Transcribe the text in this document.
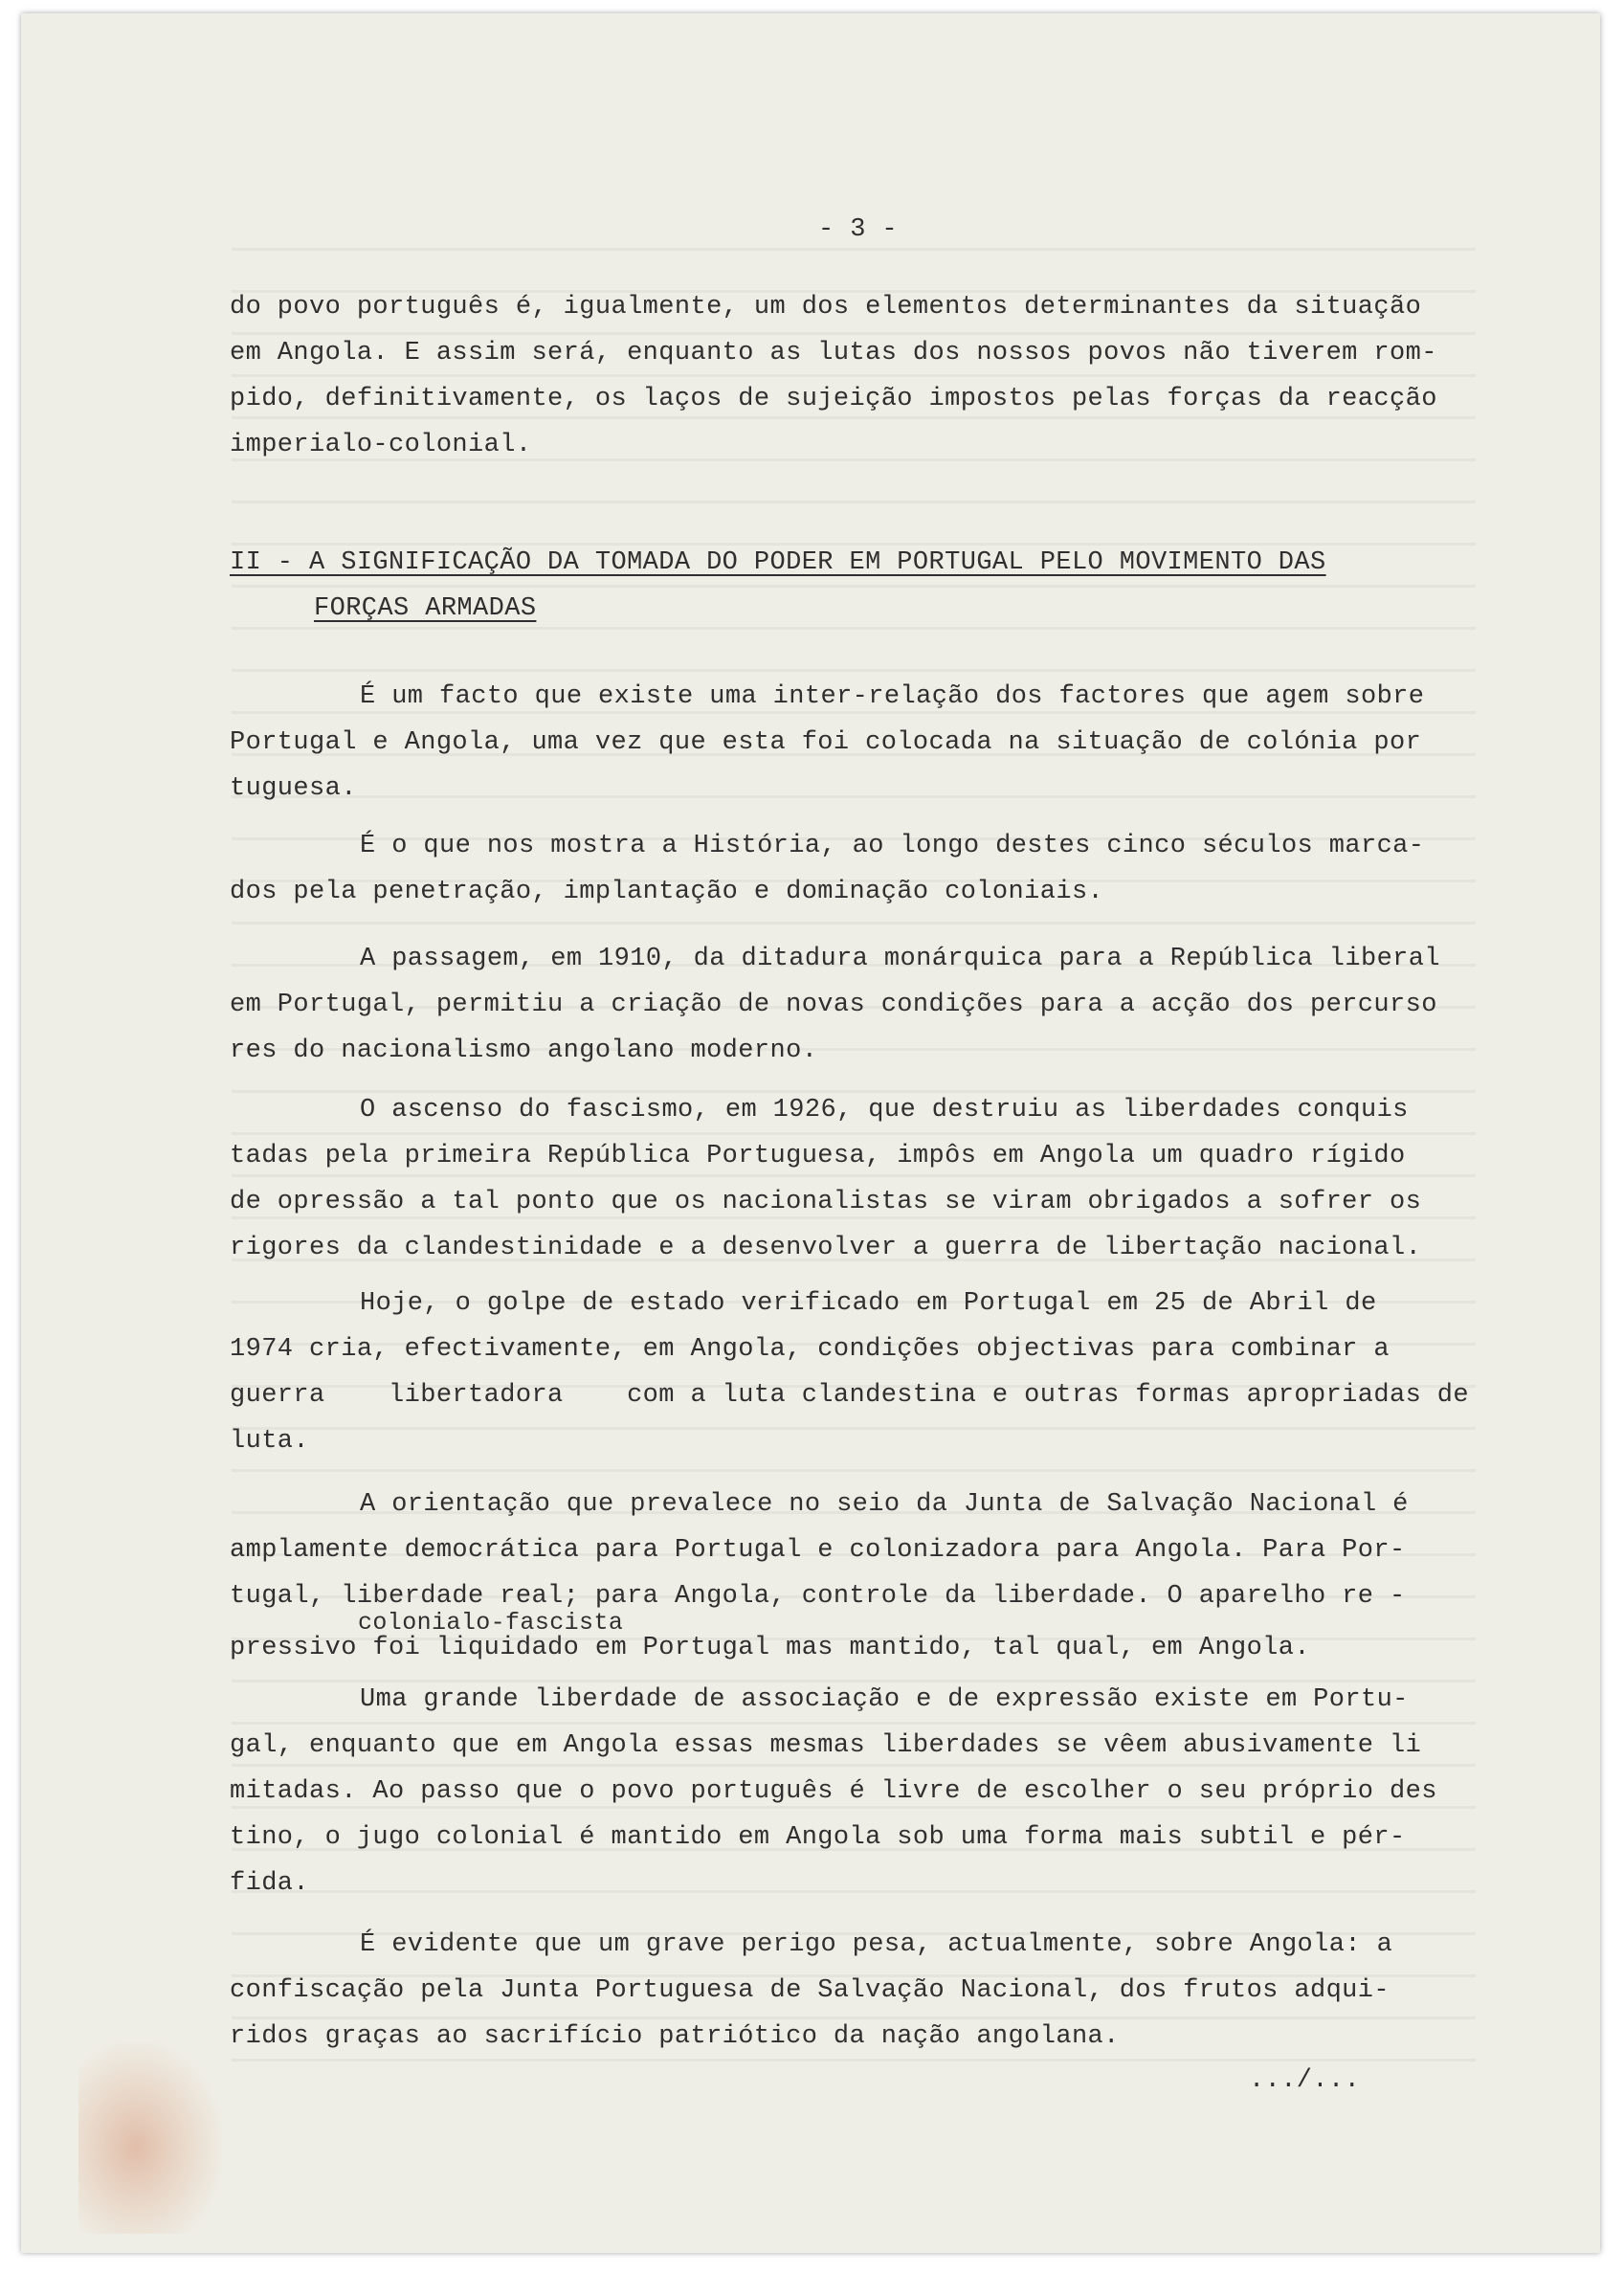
- 3 -
do povo português é, igualmente, um dos elementos determinantes da situação
em Angola. E assim será, enquanto as lutas dos nossos povos não tiverem rom-
pido, definitivamente, os laços de sujeição impostos pelas forças da reacção
imperialo-colonial.
II - A SIGNIFICAÇÃO DA TOMADA DO PODER EM PORTUGAL PELO MOVIMENTO DAS
FORÇAS ARMADAS
É um facto que existe uma inter-relação dos factores que agem sobre
Portugal e Angola, uma vez que esta foi colocada na situação de colónia por
tuguesa.
É o que nos mostra a História, ao longo destes cinco séculos marca-
dos pela penetração, implantação e dominação coloniais.
A passagem, em 1910, da ditadura monárquica para a República liberal
em Portugal, permitiu a criação de novas condições para a acção dos percurso
res do nacionalismo angolano moderno.
O ascenso do fascismo, em 1926, que destruiu as liberdades conquis
tadas pela primeira República Portuguesa, impôs em Angola um quadro rígido
de opressão a tal ponto que os nacionalistas se viram obrigados a sofrer os
rigores da clandestinidade e a desenvolver a guerra de libertação nacional.
Hoje, o golpe de estado verificado em Portugal em 25 de Abril de
1974 cria, efectivamente, em Angola, condições objectivas para combinar a
guerra    libertadora    com a luta clandestina e outras formas apropriadas de
luta.
A orientação que prevalece no seio da Junta de Salvação Nacional é
amplamente democrática para Portugal e colonizadora para Angola. Para Por-
tugal, liberdade real; para Angola, controle da liberdade. O aparelho re -
colonialo-fascista
pressivo foi liquidado em Portugal mas mantido, tal qual, em Angola.
Uma grande liberdade de associação e de expressão existe em Portu-
gal, enquanto que em Angola essas mesmas liberdades se vêem abusivamente li
mitadas. Ao passo que o povo português é livre de escolher o seu próprio des
tino, o jugo colonial é mantido em Angola sob uma forma mais subtil e pér-
fida.
É evidente que um grave perigo pesa, actualmente, sobre Angola: a
confiscação pela Junta Portuguesa de Salvação Nacional, dos frutos adqui-
ridos graças ao sacrifício patriótico da nação angolana.
.../...
